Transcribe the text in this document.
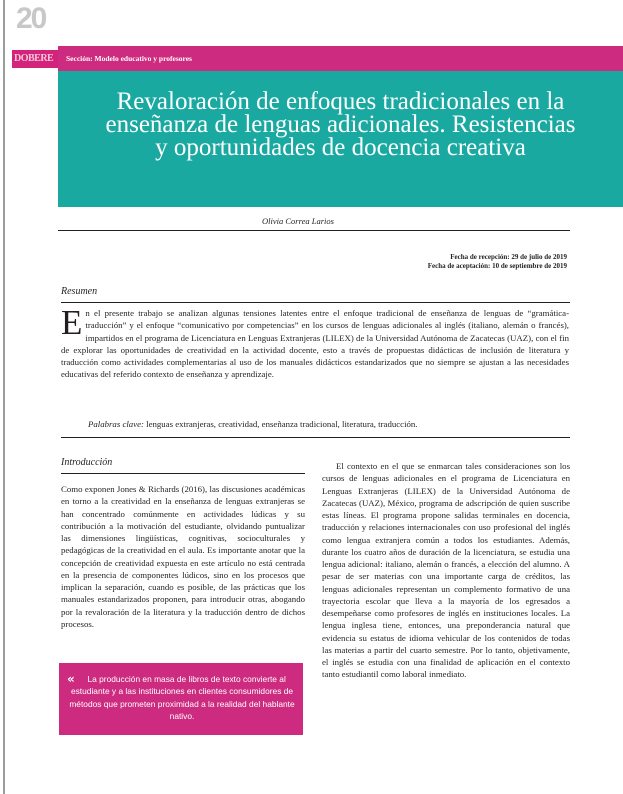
20
DOBERE Sección: Modelo educativo y profesores
Revaloración de enfoques tradicionales en la enseñanza de lenguas adicionales. Resistencias y oportunidades de docencia creativa
Olivia Correa Larios
Fecha de recepción: 29 de julio de 2019
Fecha de aceptación: 10 de septiembre de 2019
Resumen
En el presente trabajo se analizan algunas tensiones latentes entre el enfoque tradicional de enseñanza de lenguas de “gramática-traducción” y el enfoque “comunicativo por competencias” en los cursos de lenguas adicionales al inglés (italiano, alemán o francés), impartidos en el programa de Licenciatura en Lenguas Extranjeras (LILEX) de la Universidad Autónoma de Zacatecas (UAZ), con el fin de explorar las oportunidades de creatividad en la actividad docente, esto a través de propuestas didácticas de inclusión de literatura y traducción como actividades complementarias al uso de los manuales didácticos estandarizados que no siempre se ajustan a las necesidades educativas del referido contexto de enseñanza y aprendizaje.
Palabras clave: lenguas extranjeras, creatividad, enseñanza tradicional, literatura, traducción.
Introducción

Como exponen Jones & Richards (2016), las discusiones académicas en torno a la creatividad en la enseñanza de lenguas extranjeras se han concentrado comúnmente en actividades lúdicas y su contribución a la motivación del estudiante, olvidando puntualizar las dimensiones lingüísticas, cognitivas, socioculturales y pedagógicas de la creatividad en el aula. Es importante anotar que la concepción de creatividad expuesta en este artículo no está centrada en la presencia de componentes lúdicos, sino en los procesos que implican la separación, cuando es posible, de las prácticas que los manuales estandarizados proponen, para introducir otras, abogando por la revaloración de la literatura y la traducción dentro de dichos procesos.

«	La producción en masa de libros de texto convierte al estudiante y a las instituciones en clientes consumidores de métodos que prometen proximidad a la realidad del hablante nativo.

El contexto en el que se enmarcan tales consideraciones son los cursos de lenguas adicionales en el programa de Licenciatura en Lenguas Extranjeras (LILEX) de la Universidad Autónoma de Zacatecas (UAZ), México, programa de adscripción de quien suscribe estas líneas. El programa propone salidas terminales en docencia, traducción y relaciones internacionales con uso profesional del inglés como lengua extranjera común a todos los estudiantes. Además, durante los cuatro años de duración de la licenciatura, se estudia una lengua adicional: italiano, alemán o francés, a elección del alumno. A pesar de ser materias con una importante carga de créditos, las lenguas adicionales representan un complemento formativo de una trayectoria escolar que lleva a la mayoría de los egresados a desempeñarse como profesores de inglés en instituciones locales. La lengua inglesa tiene, entonces, una preponderancia natural que evidencia su estatus de idioma vehicular de los contenidos de todas las materias a partir del cuarto semestre. Por lo tanto, objetivamente, el inglés se estudia con una finalidad de aplicación en el contexto tanto estudiantil como laboral inmediato.
